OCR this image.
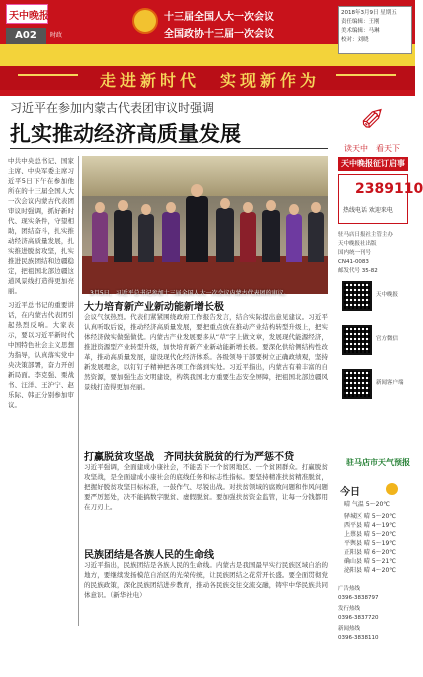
天中晚报
A02	时政
十三届全国人大一次会议
全国政协十三届一次会议
2018年3月9日 星期五
责任编辑：王刚
美术编辑：马琳
校对：刘晓
走进新时代　实现新作为
习近平在参加内蒙古代表团审议时强调
扎实推动经济高质量发展

中共中央总书记、国家主席、中央军委主席习近平5日下午在参加他所在的十三届全国人大一次会议内蒙古代表团审议时强调，抓好新时代、现实条件，守望相助，团结奋斗，扎实推动经济高质量发展，扎实推进脱贫攻坚，扎实推进民族团结和边疆稳定，把祖国北部边疆这道风景线打造得更加亮丽。

习近平总书记的重要讲话，在内蒙古代表团引起热烈反响。大家表示，要以习近平新时代中国特色社会主义思想为指导，认真落实党中央决策部署，奋力开创新局面。李克强、栗战书、汪洋、王沪宁、赵乐际、韩正分别参加审议。

3月5日，习近平总书记参加十三届全国人大一次会议内蒙古代表团的审议。
大力培育新产业新动能新增长极
会议气氛热烈。代表们紧紧围绕政府工作报告发言，结合实际提出意见建议。习近平认真听取后说，推动经济高质量发展，要把重点放在推动产业结构转型升级上，把实体经济做实做强做优。内蒙古产业发展要多从“草”字上做文章，发展现代能源经济，推进资源型产业转型升级，加快培育新产业新动能新增长极。要深化供给侧结构性改革，推动高质量发展，建设现代化经济体系。各级领导干部要树立正确政绩观，坚持新发展理念，以钉钉子精神把各项工作落到实处。习近平指出，内蒙古有着丰富的自然资源，要加强生态文明建设，构筑我国北方重要生态安全屏障，把祖国北部边疆风景线打造得更加亮丽。
打赢脱贫攻坚战　齐同扶贫脱贫的行为严惩不贷
习近平强调，全面建成小康社会，不能丢下一个贫困地区、一个贫困群众。打赢脱贫攻坚战，是全面建成小康社会的底线任务和标志性指标。要坚持精准扶贫精准脱贫，把握好脱贫攻坚目标标准，一鼓作气、尽锐出战。对扶贫领域的腐败问题和作风问题要严厉惩处，决不能搞数字脱贫、虚假脱贫。要加强扶贫资金监管，让每一分钱都用在刀刃上。
民族团结是各族人民的生命线
习近平指出，民族团结是各族人民的生命线。内蒙古是我国最早实行民族区域自治的地方，要继续发扬模范自治区的光荣传统，让民族团结之花常开长盛。要全面贯彻党的民族政策，深化民族团结进步教育，推动各民族交往交流交融，铸牢中华民族共同体意识。（新华社电）
✐
读天中　看天下
天中晚报征订启事
2389110
热线电话 欢迎来电
驻马店日报社主管主办
天中晚报社出版
国内统一刊号
CN41-0083
邮发代号 35-82
天中晚报
官方微信
新闻客户端
驻马店市天气预报
今日
晴 气温 5～20℃
驿城区 晴 5～20℃
西平县 晴 4～19℃
上蔡县 晴 5～20℃
平舆县 晴 5～19℃
正阳县 晴 6～20℃
确山县 晴 5～21℃
泌阳县 晴 4～20℃
广告热线
0396-3838797
发行热线
0396-3837720
新闻热线
0396-3838110
